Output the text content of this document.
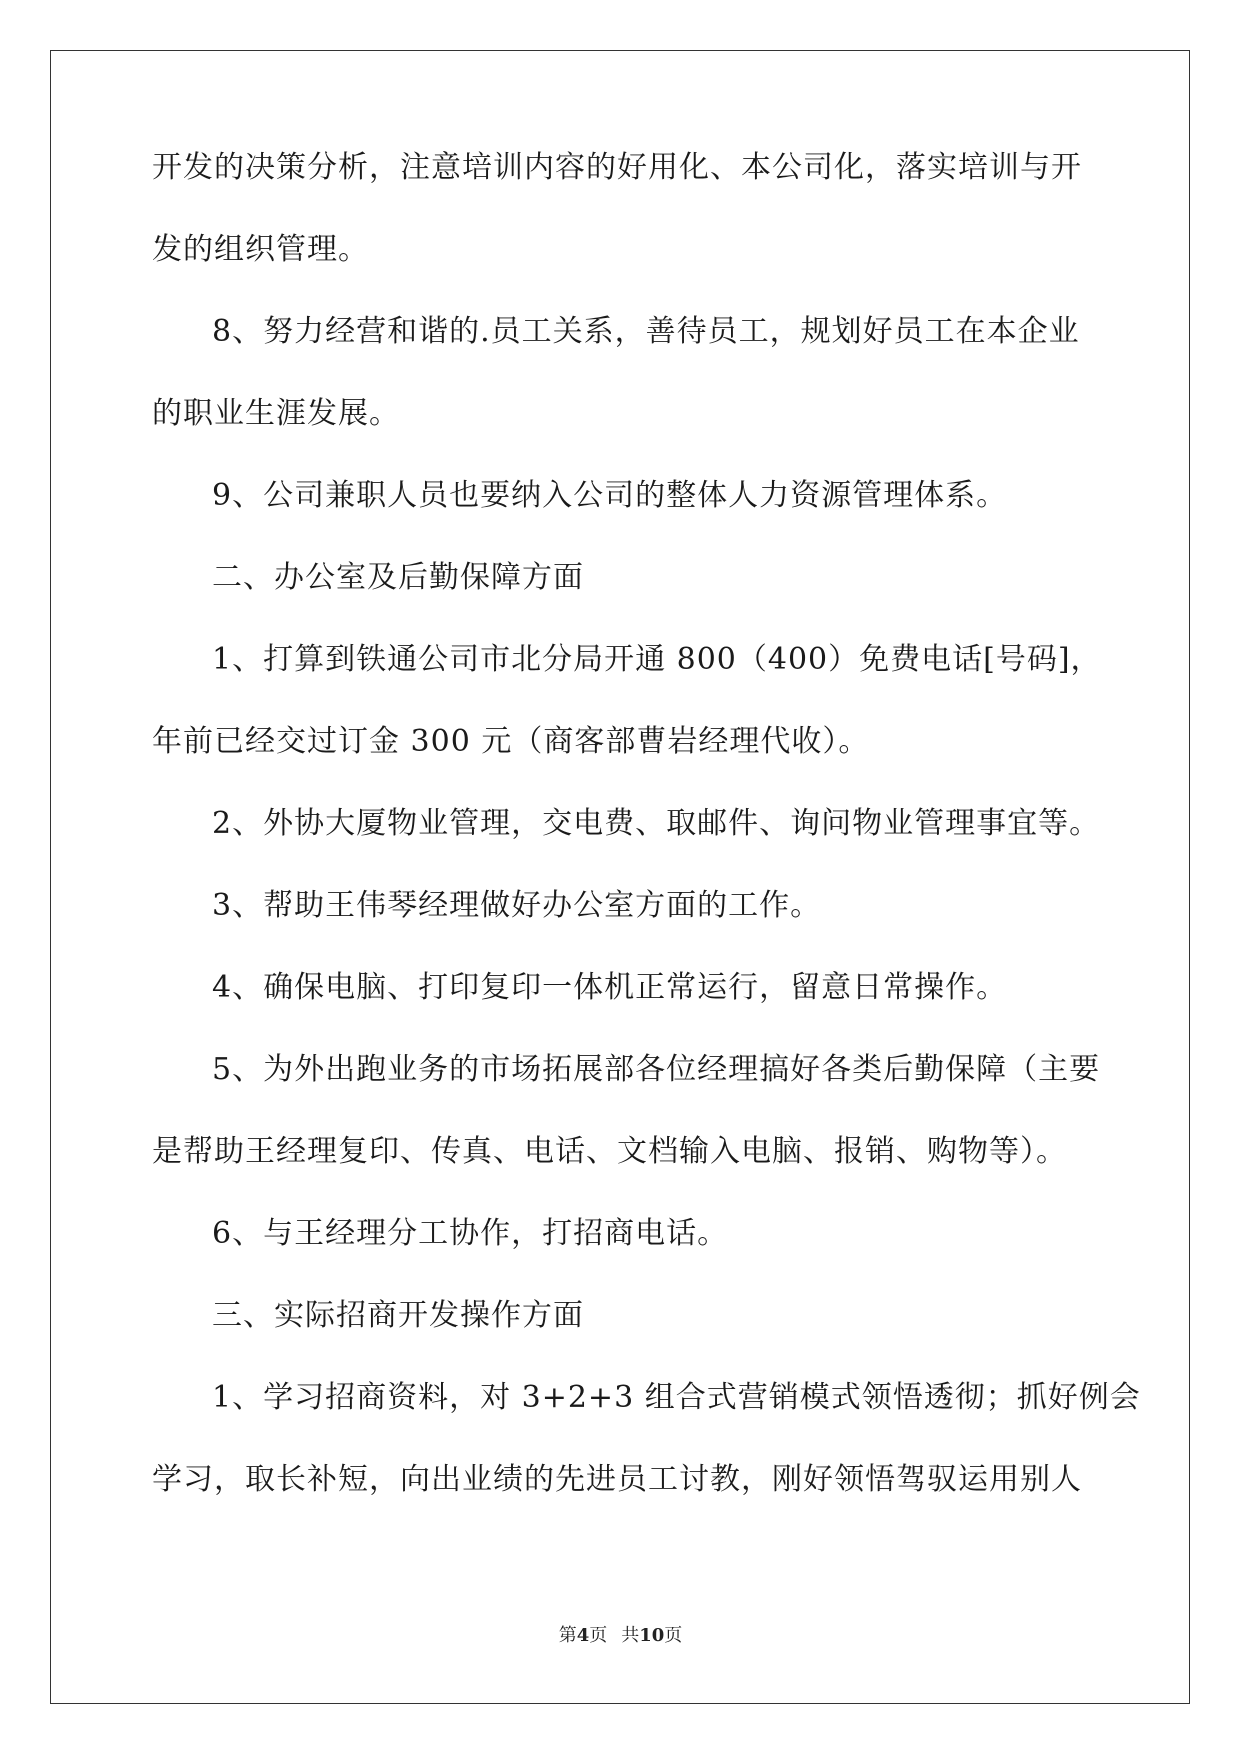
开发的决策分析，注意培训内容的好用化、本公司化，落实培训与开
发的组织管理。
8、努力经营和谐的.员工关系，善待员工，规划好员工在本企业
的职业生涯发展。
9、公司兼职人员也要纳入公司的整体人力资源管理体系。
二、办公室及后勤保障方面
1、打算到铁通公司市北分局开通 800（400）免费电话[号码]，
年前已经交过订金 300 元（商客部曹岩经理代收）。
2、外协大厦物业管理，交电费、取邮件、询问物业管理事宜等。
3、帮助王伟琴经理做好办公室方面的工作。
4、确保电脑、打印复印一体机正常运行，留意日常操作。
5、为外出跑业务的市场拓展部各位经理搞好各类后勤保障（主要
是帮助王经理复印、传真、电话、文档输入电脑、报销、购物等）。
6、与王经理分工协作，打招商电话。
三、实际招商开发操作方面
1、学习招商资料，对 3+2+3 组合式营销模式领悟透彻；抓好例会
学习，取长补短，向出业绩的先进员工讨教，刚好领悟驾驭运用别人
第4页 共10页
